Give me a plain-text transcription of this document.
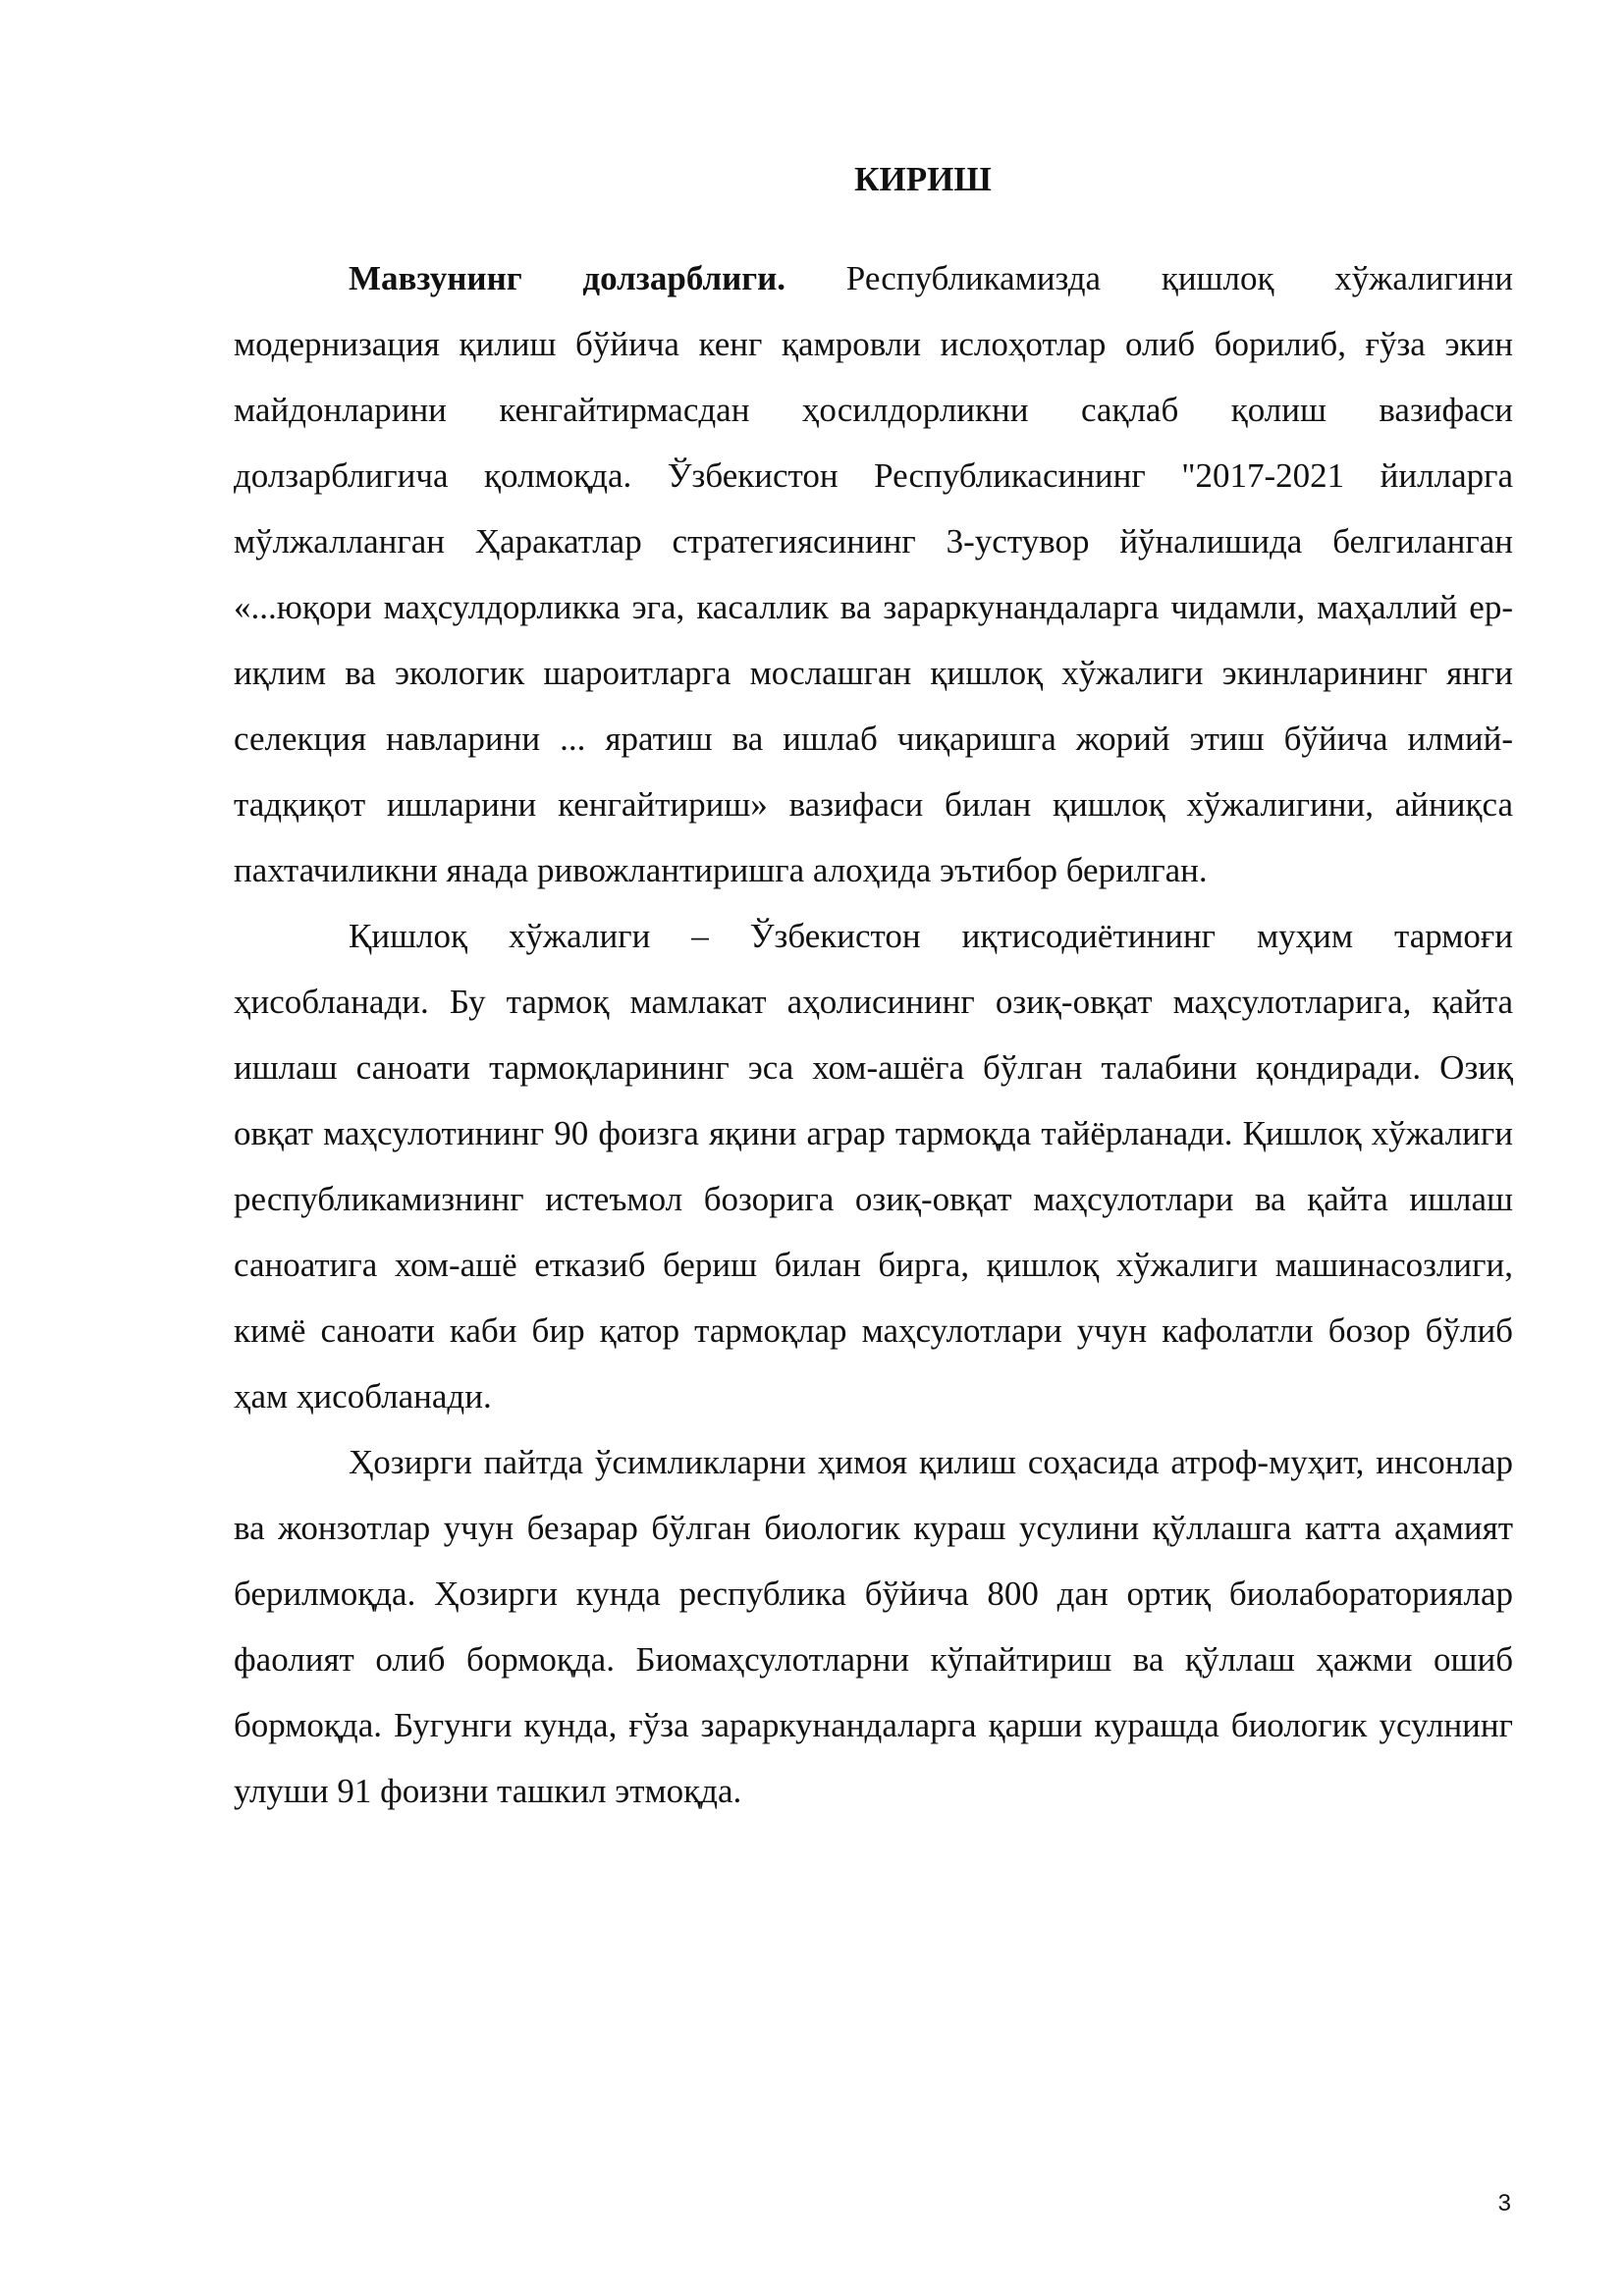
КИРИШ

Мавзунинг долзарблиги. Республикамизда қишлоқ хўжалигини модернизация қилиш бўйича кенг қамровли ислоҳотлар олиб борилиб, ғўза экин майдонларини кенгайтирмасдан ҳосилдорликни сақлаб қолиш вазифаси долзарблигича қолмоқда. Ўзбекистон Республикасининг "2017-2021 йилларга мўлжалланган Ҳаракатлар стратегиясининг 3-устувор йўналишида белгиланган «...юқори маҳсулдорликка эга, касаллик ва зараркунандаларга чидамли, маҳаллий ер-иқлим ва экологик шароитларга мослашган қишлоқ хўжалиги экинларининг янги селекция навларини ... яратиш ва ишлаб чиқаришга жорий этиш бўйича илмий-тадқиқот ишларини кенгайтириш» вазифаси билан қишлоқ хўжалигини, айниқса пахтачиликни янада ривожлантиришга алоҳида эътибор берилган.

Қишлоқ хўжалиги – Ўзбекистон иқтисодиётининг муҳим тармоғи ҳисобланади. Бу тармоқ мамлакат аҳолисининг озиқ-овқат маҳсулотларига, қайта ишлаш саноати тармоқларининг эса хом-ашёга бўлган талабини қондиради. Озиқ овқат маҳсулотининг 90 фоизга яқини аграр тармоқда тайёрланади. Қишлоқ хўжалиги республикамизнинг истеъмол бозорига озиқ-овқат маҳсулотлари ва қайта ишлаш саноатига хом-ашё етказиб бериш билан бирга, қишлоқ хўжалиги машинасозлиги, кимё саноати каби бир қатор тармоқлар маҳсулотлари учун кафолатли бозор бўлиб ҳам ҳисобланади.

Ҳозирги пайтда ўсимликларни ҳимоя қилиш соҳасида атроф-муҳит, инсонлар ва жонзотлар учун безарар бўлган биологик кураш усулини қўллашга катта аҳамият берилмоқда. Ҳозирги кунда республика бўйича 800 дан ортиқ биолабораториялар фаолият олиб бормоқда. Биомаҳсулотларни кўпайтириш ва қўллаш ҳажми ошиб бормоқда. Бугунги кунда, ғўза зараркунандаларга қарши курашда биологик усулнинг улуши 91 фоизни ташкил этмоқда.

3
